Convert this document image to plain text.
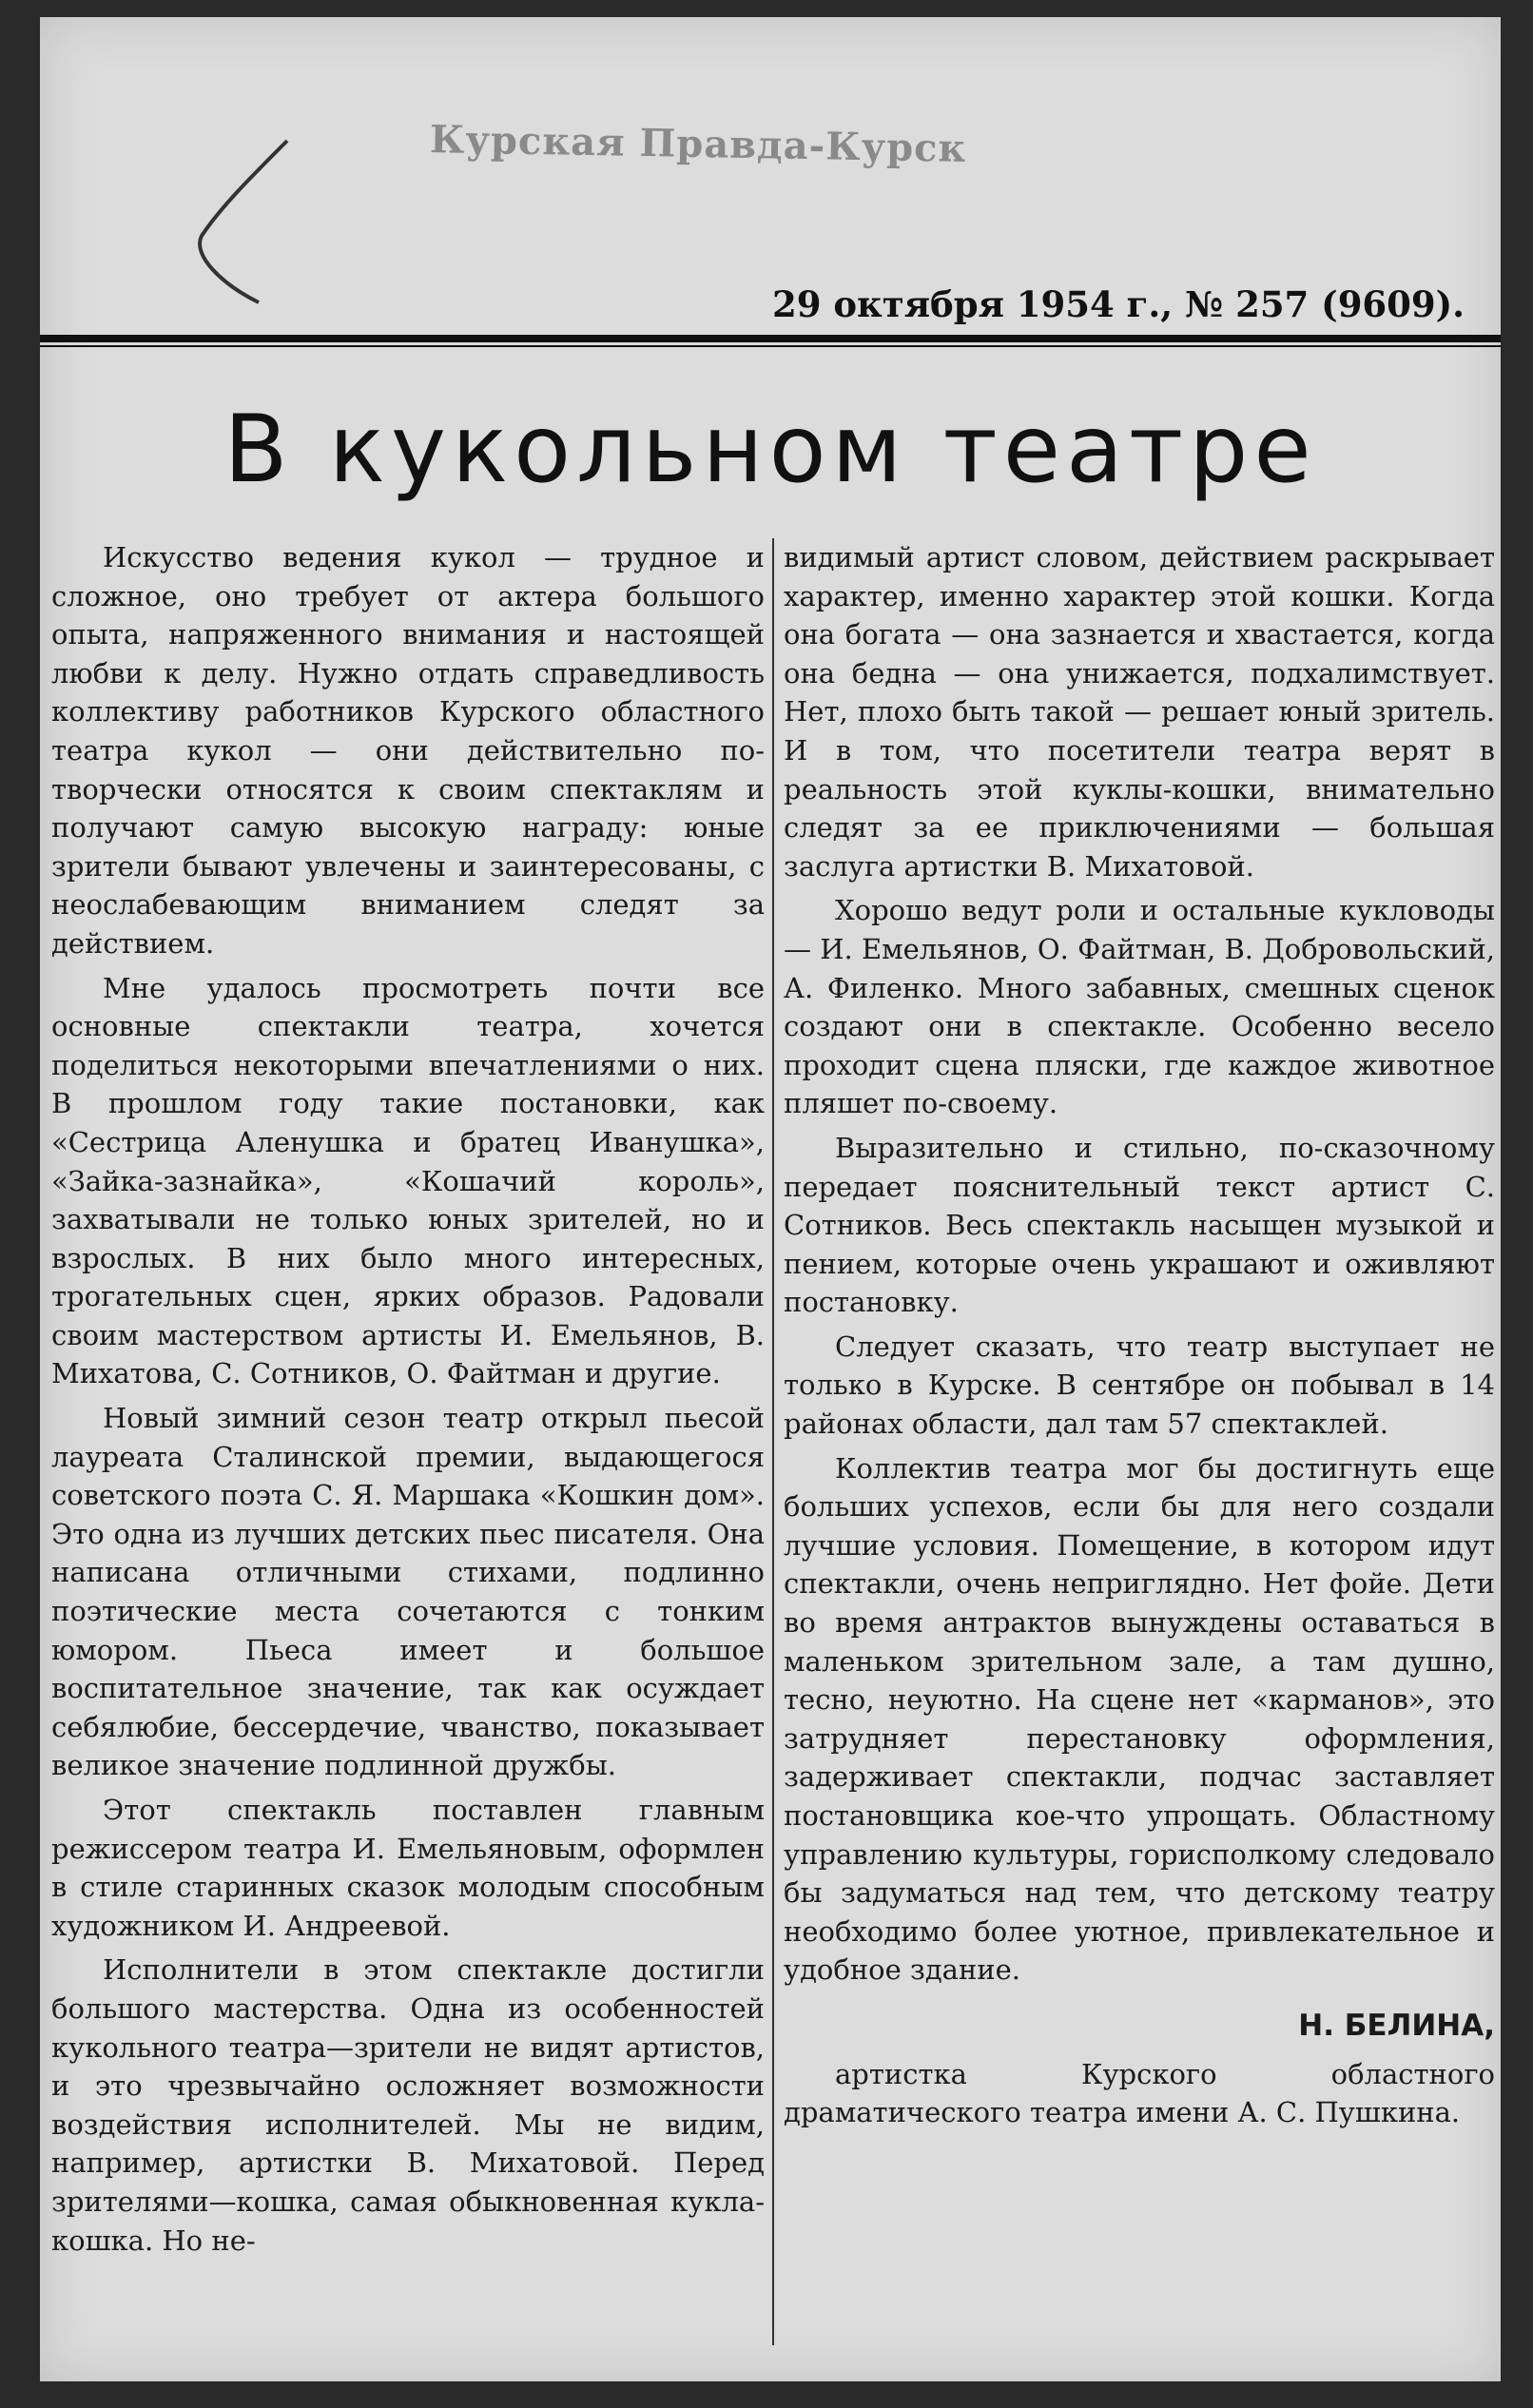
Курская Правда-Курск
29 октября 1954 г., № 257 (9609).
В кукольном театре

Искусство ведения кукол — трудное и сложное, оно требует от актера большого опыта, напряженного внимания и настоящей любви к делу. Нужно отдать справедливость коллективу работников Курского областного театра кукол — они действительно по-творчески относятся к своим спектаклям и получают самую высокую награду: юные зрители бывают увлечены и заинтересованы, с неослабевающим вниманием следят за действием.

Мне удалось просмотреть почти все основные спектакли театра, хочется поделиться некоторыми впечатлениями о них. В прошлом году такие постановки, как «Сестрица Аленушка и братец Иванушка», «Зайка-зазнайка», «Кошачий король», захватывали не только юных зрителей, но и взрослых. В них было много интересных, трогательных сцен, ярких образов. Радовали своим мастерством артисты И. Емельянов, В. Михатова, С. Сотников, О. Файтман и другие.

Новый зимний сезон театр открыл пьесой лауреата Сталинской премии, выдающегося советского поэта С. Я. Маршака «Кошкин дом». Это одна из лучших детских пьес писателя. Она написана отличными стихами, подлинно поэтические места сочетаются с тонким юмором. Пьеса имеет и большое воспитательное значение, так как осуждает себялюбие, бессердечие, чванство, показывает великое значение подлинной дружбы.

Этот спектакль поставлен главным режиссером театра И. Емельяновым, оформлен в стиле старинных сказок молодым способным художником И. Андреевой.

Исполнители в этом спектакле достигли большого мастерства. Одна из особенностей кукольного театра—зрители не видят артистов, и это чрезвычайно осложняет возможности воздействия исполнителей. Мы не видим, например, артистки В. Михатовой. Перед зрителями—кошка, самая обыкновенная кукла-кошка. Но не-

видимый артист словом, действием раскрывает характер, именно характер этой кошки. Когда она богата — она зазнается и хвастается, когда она бедна — она унижается, подхалимствует. Нет, плохо быть такой — решает юный зритель. И в том, что посетители театра верят в реальность этой куклы-кошки, внимательно следят за ее приключениями — большая заслуга артистки В. Михатовой.

Хорошо ведут роли и остальные кукловоды — И. Емельянов, О. Файтман, В. Добровольский, А. Филенко. Много забавных, смешных сценок создают они в спектакле. Особенно весело проходит сцена пляски, где каждое животное пляшет по-своему.

Выразительно и стильно, по-сказочному передает пояснительный текст артист С. Сотников. Весь спектакль насыщен музыкой и пением, которые очень украшают и оживляют постановку.

Следует сказать, что театр выступает не только в Курске. В сентябре он побывал в 14 районах области, дал там 57 спектаклей.

Коллектив театра мог бы достигнуть еще больших успехов, если бы для него создали лучшие условия. Помещение, в котором идут спектакли, очень неприглядно. Нет фойе. Дети во время антрактов вынуждены оставаться в маленьком зрительном зале, а там душно, тесно, неуютно. На сцене нет «карманов», это затрудняет перестановку оформления, задерживает спектакли, подчас заставляет постановщика кое-что упрощать. Областному управлению культуры, горисполкому следовало бы задуматься над тем, что детскому театру необходимо более уютное, привлекательное и удобное здание.

Н. БЕЛИНА,

артистка Курского областного драматического театра имени А. С. Пушкина.
